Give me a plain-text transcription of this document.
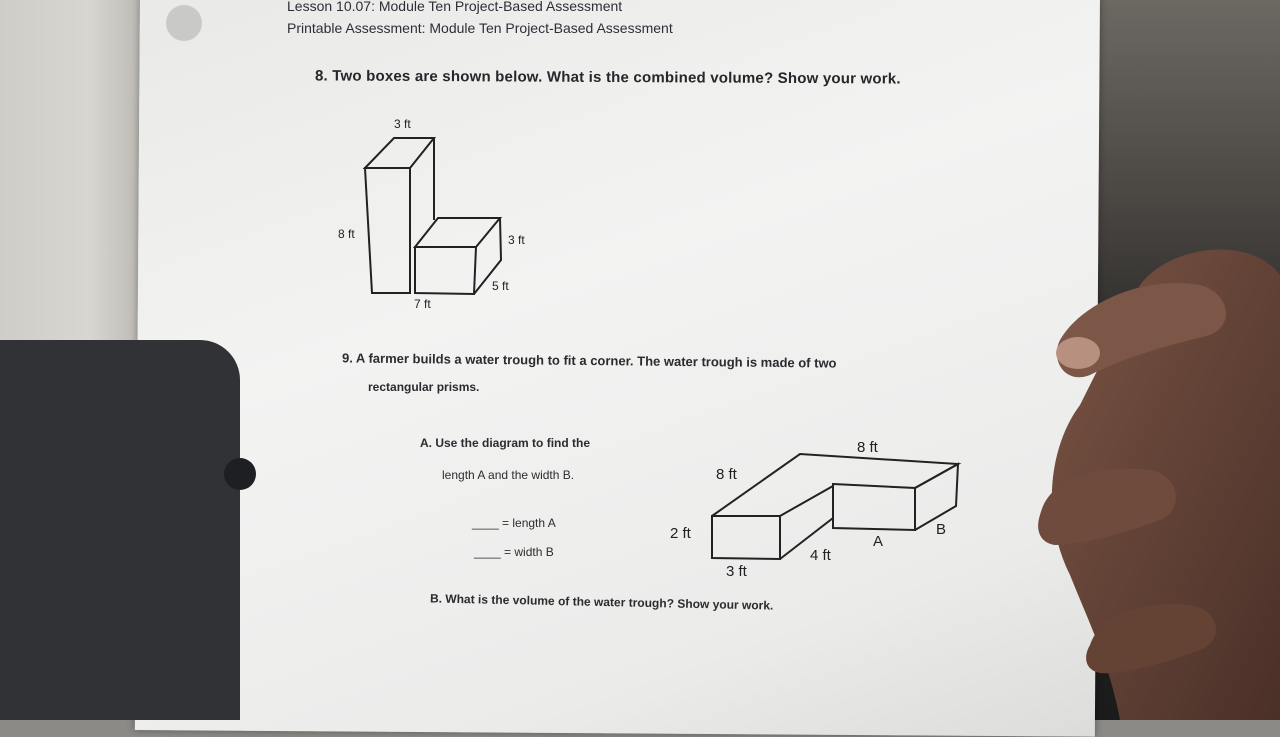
Lesson 10.07: Module Ten Project-Based Assessment
Printable Assessment: Module Ten Project-Based Assessment
8. Two boxes are shown below. What is the combined volume? Show your work.
3 ft
8 ft	3 ft
5 ft
7 ft
9. A farmer builds a water trough to fit a corner. The water trough is made of two
rectangular prisms.
A. Use the diagram to find the
length A and the width B.
____ = length A
____ = width B
8 ft
8 ft
2 ft
3 ft
4 ft
A
B
B. What is the volume of the water trough? Show your work.
